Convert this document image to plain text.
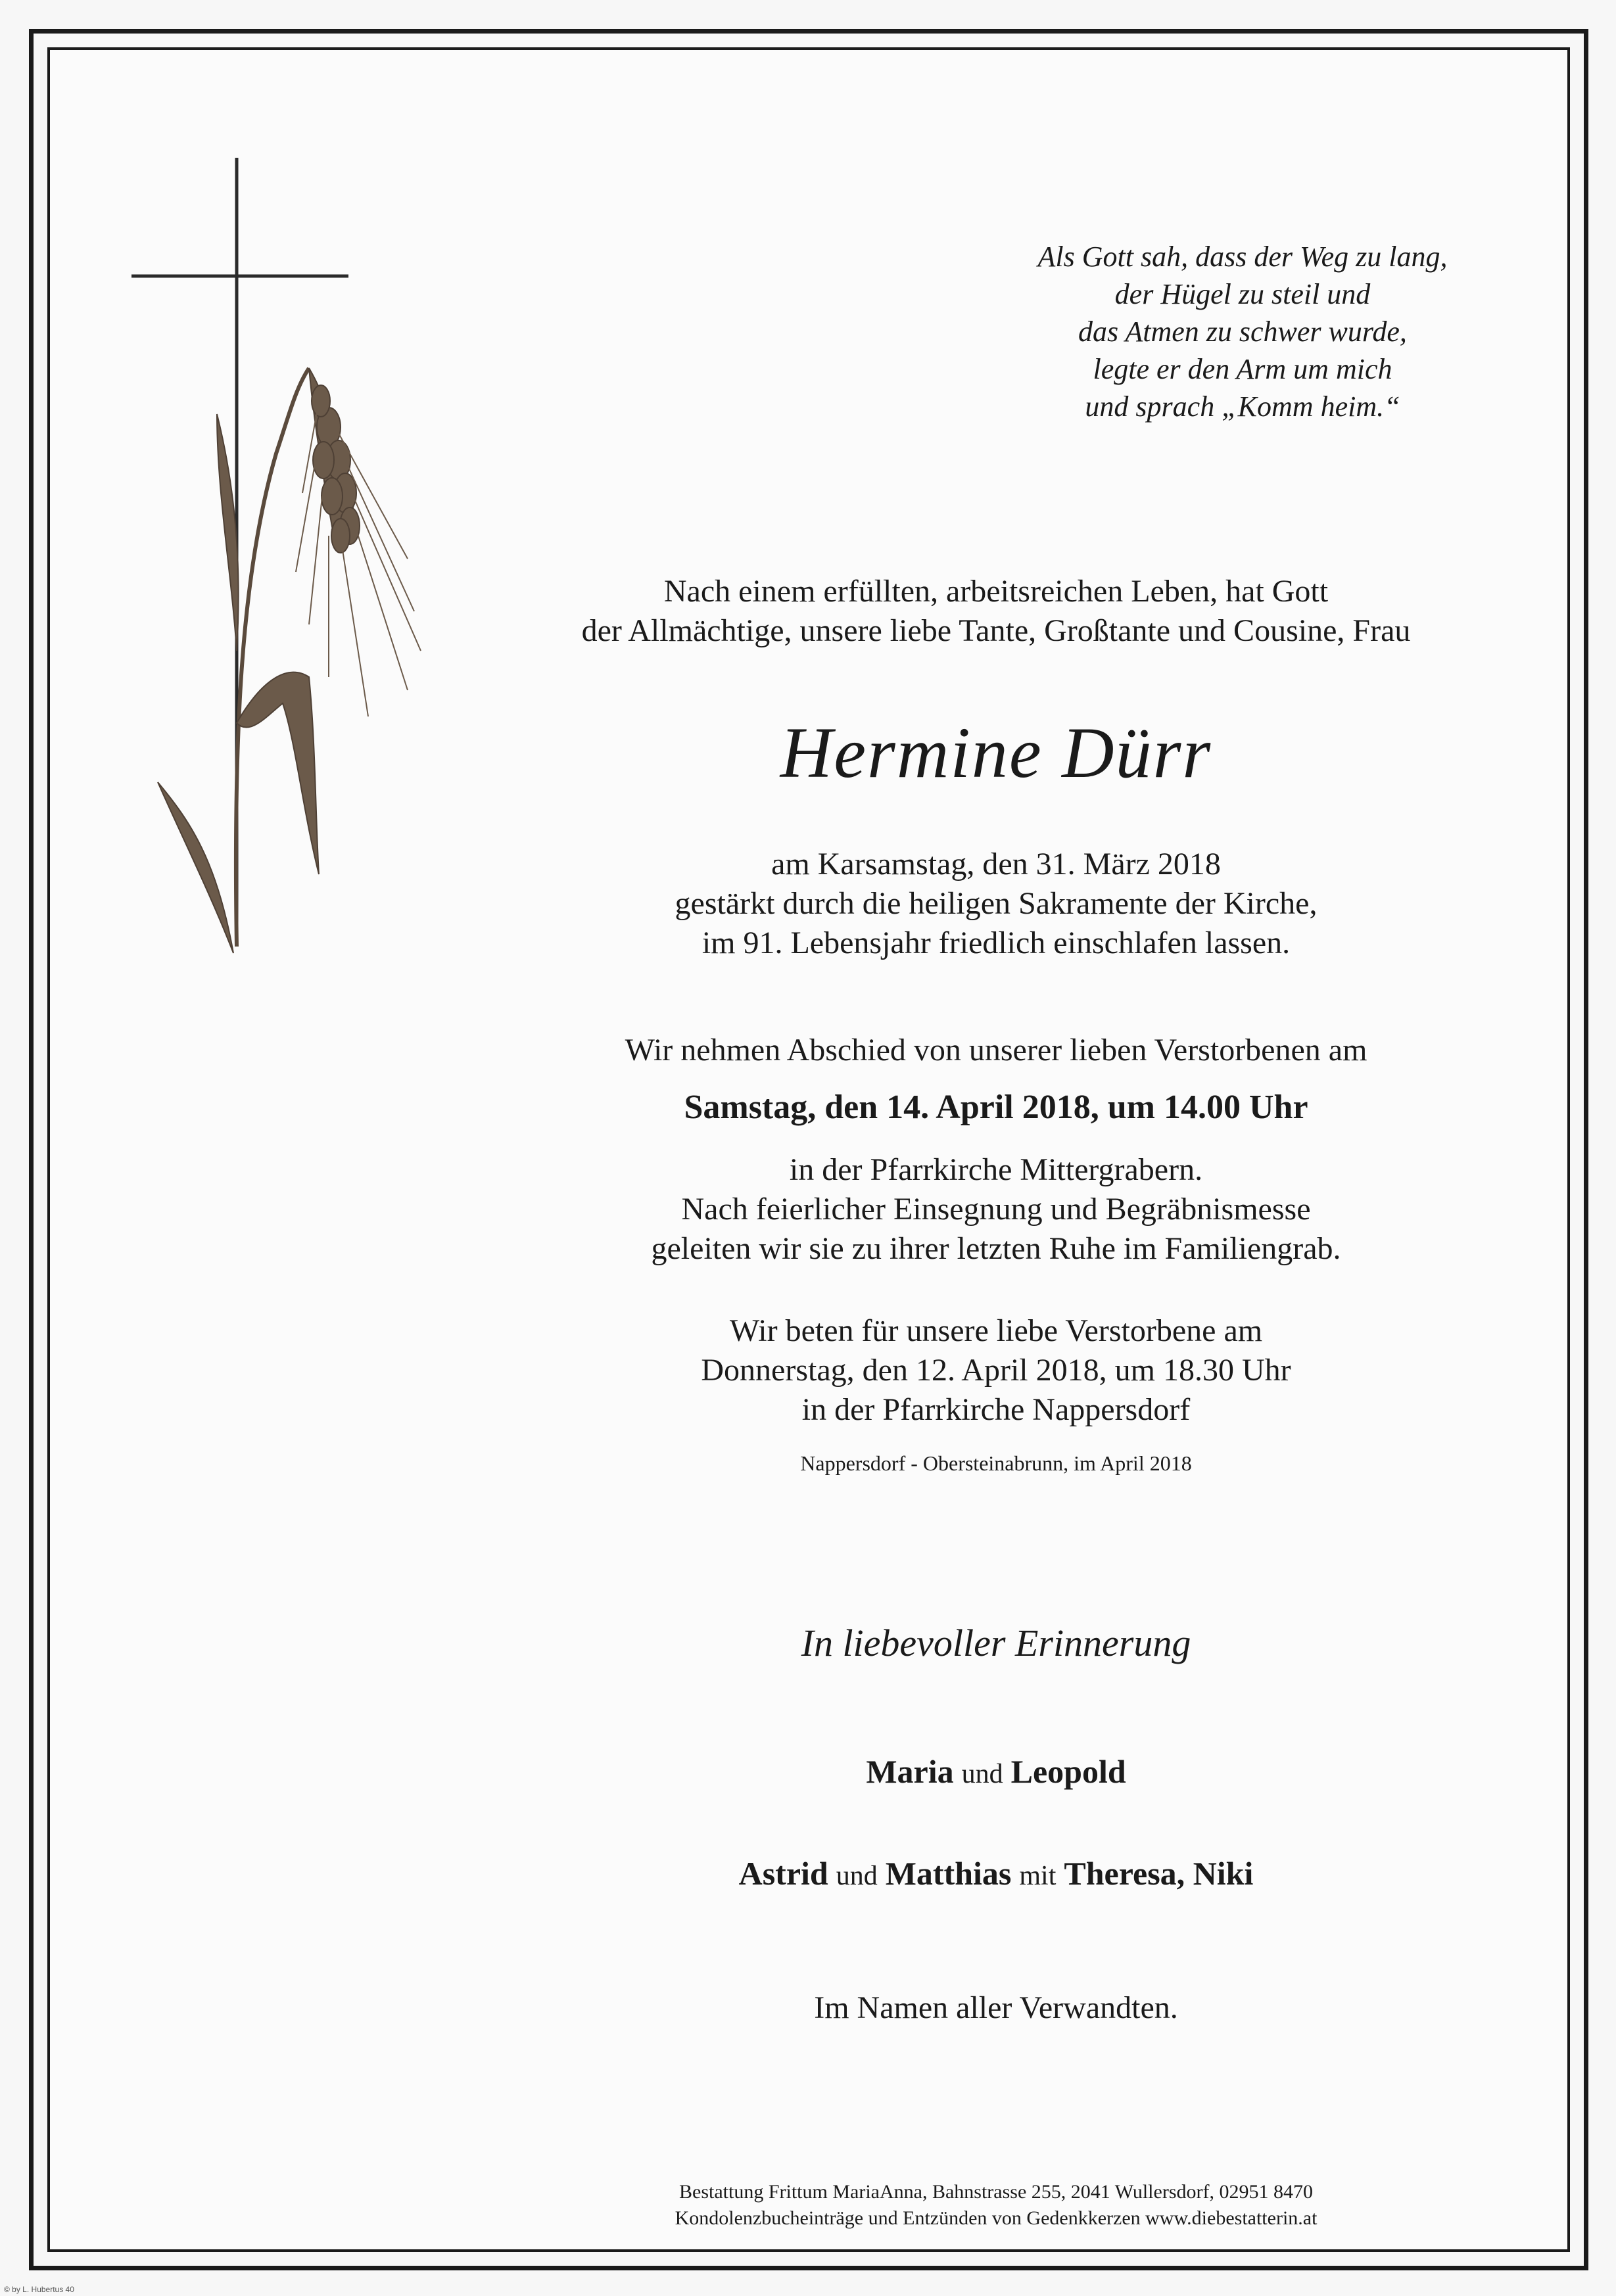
Als Gott sah, dass der Weg zu lang,
der Hügel zu steil und
das Atmen zu schwer wurde,
legte er den Arm um mich
und sprach „Komm heim.“
Nach einem erfüllten, arbeitsreichen Leben, hat Gott
der Allmächtige, unsere liebe Tante, Großtante und Cousine, Frau
Hermine Dürr
am Karsamstag, den 31. März 2018
gestärkt durch die heiligen Sakramente der Kirche,
im 91. Lebensjahr friedlich einschlafen lassen.
Wir nehmen Abschied von unserer lieben Verstorbenen am
Samstag, den 14. April 2018, um 14.00 Uhr
in der Pfarrkirche Mittergrabern.
Nach feierlicher Einsegnung und Begräbnismesse
geleiten wir sie zu ihrer letzten Ruhe im Familiengrab.
Wir beten für unsere liebe Verstorbene am
Donnerstag, den 12. April 2018, um 18.30 Uhr
in der Pfarrkirche Nappersdorf
Nappersdorf - Obersteinabrunn, im April 2018
In liebevoller Erinnerung
Maria und Leopold
Astrid und Matthias mit Theresa, Niki
Im Namen aller Verwandten.
Bestattung Frittum MariaAnna, Bahnstrasse 255, 2041 Wullersdorf, 02951 8470
Kondolenzbucheinträge und Entzünden von Gedenkkerzen www.diebestatterin.at
© by L. Hubertus 40
